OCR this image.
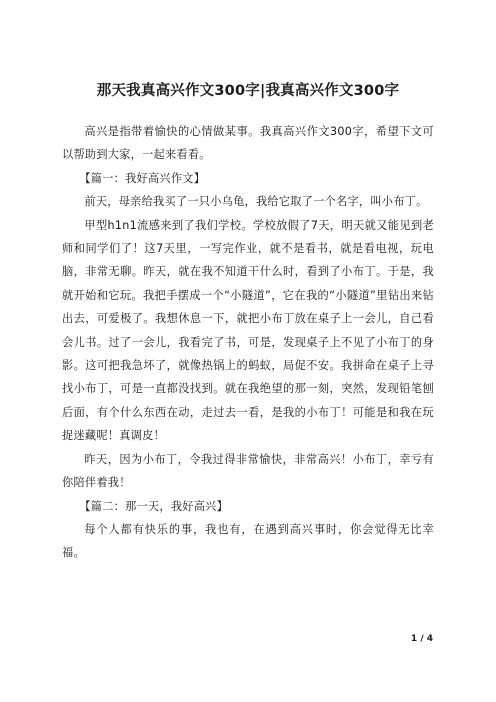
那天我真高兴作文300字|我真高兴作文300字

高兴是指带着愉快的心情做某事。我真高兴作文300字，希望下文可以帮助到大家，一起来看看。

【篇一：我好高兴作文】

前天，母亲给我买了一只小乌龟，我给它取了一个名字，叫小布丁。

甲型h1n1流感来到了我们学校。学校放假了7天，明天就又能见到老师和同学们了！这7天里，一写完作业，就不是看书，就是看电视，玩电脑，非常无聊。昨天，就在我不知道干什么时，看到了小布丁。于是，我就开始和它玩。我把手摆成一个“小隧道”，它在我的“小隧道”里钻出来钻出去，可爱极了。我想休息一下，就把小布丁放在桌子上一会儿，自己看会儿书。过了一会儿，我看完了书，可是，发现桌子上不见了小布丁的身影。这可把我急坏了，就像热锅上的蚂蚁，局促不安。我拼命在桌子上寻找小布丁，可是一直都没找到。就在我绝望的那一刻，突然，发现铅笔刨后面，有个什么东西在动，走过去一看，是我的小布丁！可能是和我在玩捉迷藏呢！真调皮！

昨天，因为小布丁，令我过得非常愉快，非常高兴！小布丁，幸亏有你陪伴着我！

【篇二：那一天，我好高兴】

每个人都有快乐的事，我也有，在遇到高兴事时，你会觉得无比幸福。

1 / 4
